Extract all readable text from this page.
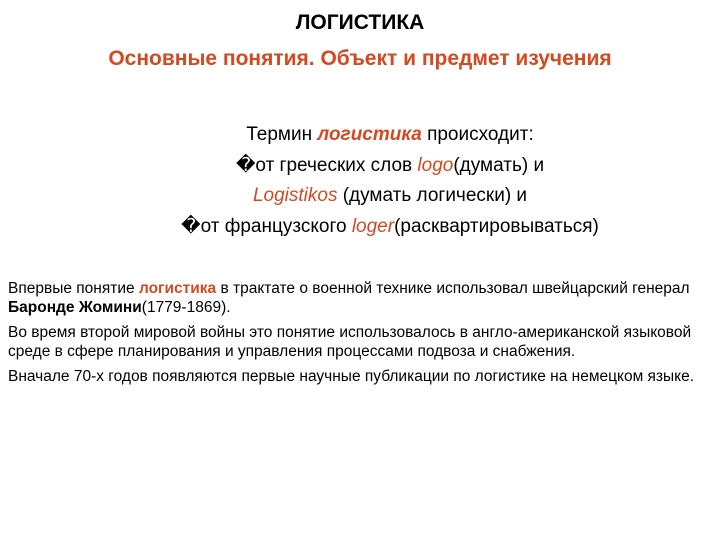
ЛОГИСТИКА
Основные понятия. Объект и предмет изучения
Термин логистика происходит:
� от греческих слов logo(думать) и
Logistikos (думать логически) и
� от французского loger(расквартировываться)

Впервые понятие логистика в трактате о военной технике использовал швейцарский генерал Баронде Жомини(1779-1869).

Во время второй мировой войны это понятие использовалось в англо-американской языковой среде в сфере планирования и управления процессами подвоза и снабжения.

Вначале 70-х годов появляются первые научные публикации по логистике на немецком языке.
